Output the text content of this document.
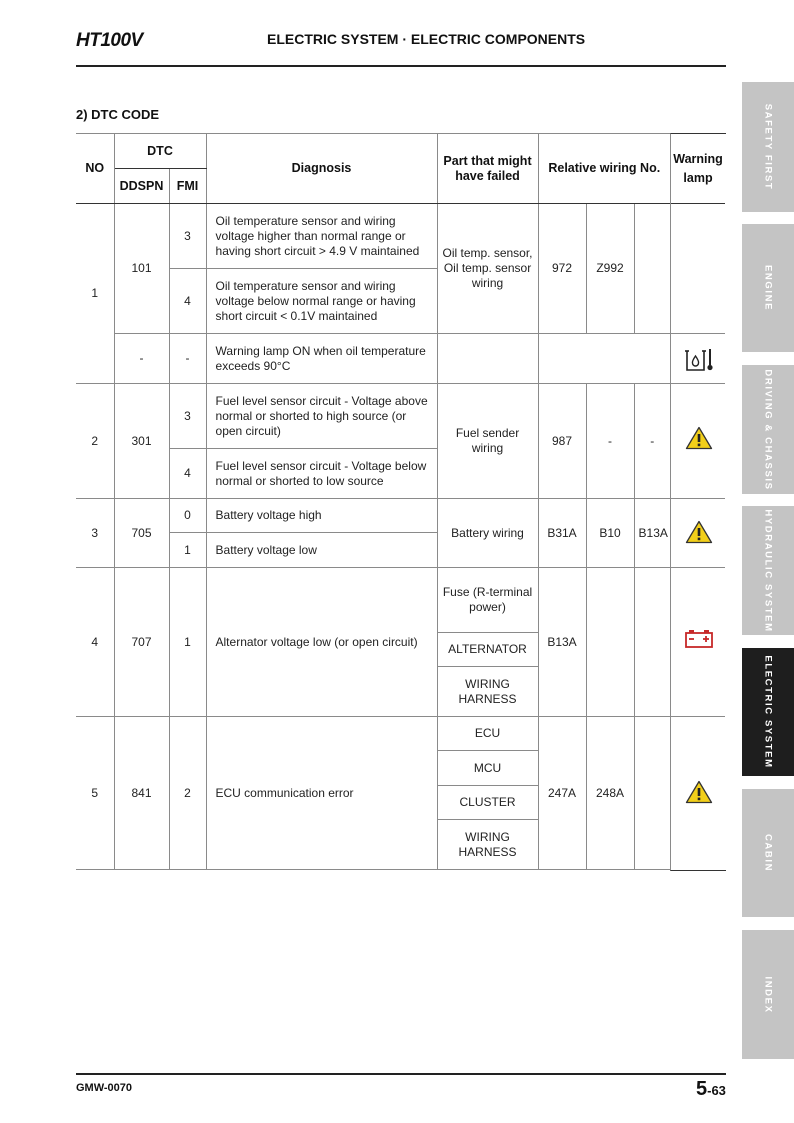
HT100V	ELECTRIC SYSTEM · ELECTRIC COMPONENTS
2) DTC CODE
NO	DTC		Diagnosis	Part that might have failed	Relative wiring No.		
	DDSPN	FMI					
1	101	3	Oil temperature sensor and wiring voltage higher than normal range or having short circuit > 4.9 V maintained	Oil temp. sensor, Oil temp. sensor wiring	972	Z992	
		4	Oil temperature sensor and wiring voltage below normal range or having short circuit < 0.1V maintained				
	-	-	Warning lamp ON when oil temperature exceeds 90°C				
2	301	3	Fuel level sensor circuit - Voltage above normal or shorted to high source (or open circuit)	Fuel sender wiring	987	-	-
		4	Fuel level sensor circuit - Voltage below normal or shorted to low source				
3	705	0	Battery voltage high	Battery wiring	B31A	B10	B13A
		1	Battery voltage low				
4	707	1	Alternator voltage low (or open circuit)	Fuse (R-terminal power)	B13A		
				ALTERNATOR			
				WIRING HARNESS			
5	841	2	ECU communication error	ECU	247A	248A	
				MCU			
				CLUSTER			
				WIRING HARNESS			
Warning lamp	SAFETY FIRST
ENGINE
DRIVING & CHASSIS
HYDRAULIC SYSTEM
ELECTRIC SYSTEM
CABIN
INDEX
GMW-0070	5-63
